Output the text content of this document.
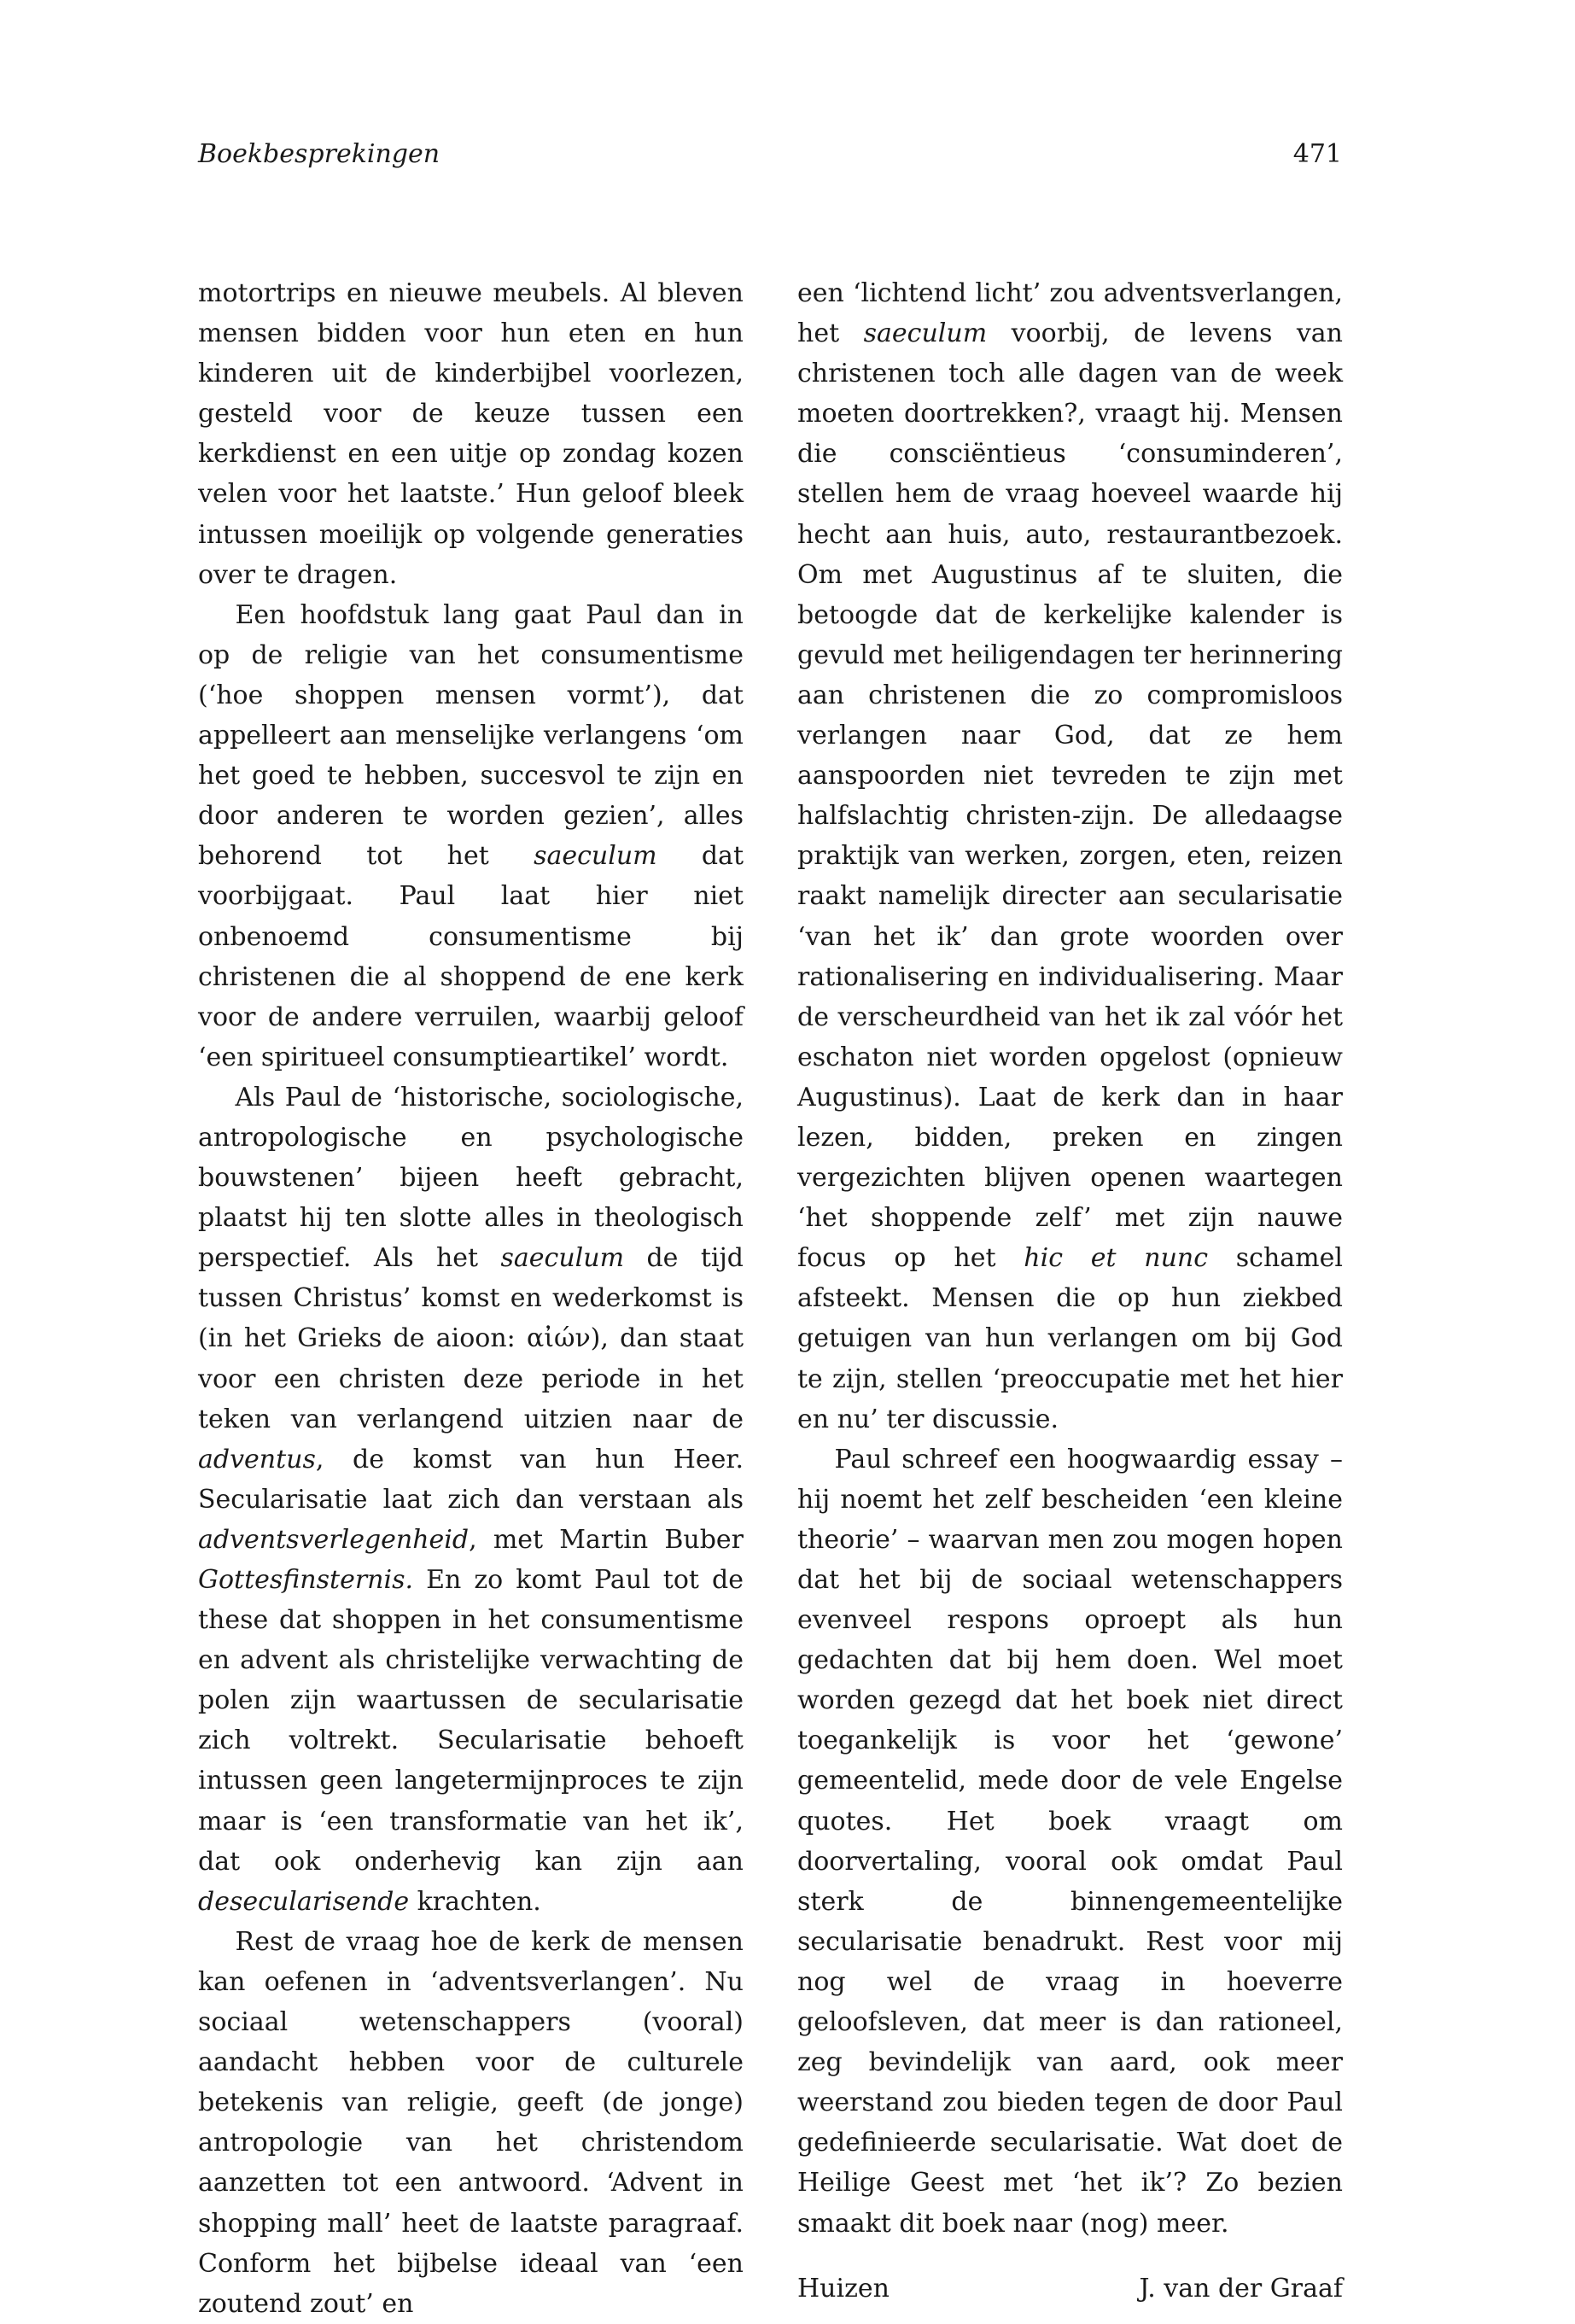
Boekbesprekingen	471

motortrips en nieuwe meubels. Al bleven mensen bidden voor hun eten en hun kinderen uit de kinderbijbel voorlezen, gesteld voor de keuze tussen een kerkdienst en een uitje op zondag kozen velen voor het laatste.’ Hun geloof bleek intussen moeilijk op volgende generaties over te dragen.

Een hoofdstuk lang gaat Paul dan in op de religie van het consumentisme (‘hoe shoppen mensen vormt’), dat appelleert aan menselijke verlangens ‘om het goed te hebben, succesvol te zijn en door anderen te worden gezien’, alles behorend tot het saeculum dat voorbijgaat. Paul laat hier niet onbenoemd consumentisme bij christenen die al shoppend de ene kerk voor de andere verruilen, waarbij geloof ‘een spiritueel consumptieartikel’ wordt.

Als Paul de ‘historische, sociologische, antropologische en psychologische bouwstenen’ bijeen heeft gebracht, plaatst hij ten slotte alles in theologisch perspectief. Als het saeculum de tijd tussen Christus’ komst en wederkomst is (in het Grieks de aioon: αἰών), dan staat voor een christen deze periode in het teken van verlangend uitzien naar de adventus, de komst van hun Heer. Secularisatie laat zich dan verstaan als adventsverlegenheid, met Martin Buber Gottesfinsternis. En zo komt Paul tot de these dat shoppen in het consumentisme en advent als christelijke verwachting de polen zijn waartussen de secularisatie zich voltrekt. Secularisatie behoeft intussen geen langetermijnproces te zijn maar is ‘een transformatie van het ik’, dat ook onderhevig kan zijn aan desecularisende krachten.

Rest de vraag hoe de kerk de mensen kan oefenen in ‘adventsverlangen’. Nu sociaal wetenschappers (vooral) aandacht hebben voor de culturele betekenis van religie, geeft (de jonge) antropologie van het christendom aanzetten tot een antwoord. ‘Advent in shopping mall’ heet de laatste paragraaf. Conform het bijbelse ideaal van ‘een zoutend zout’ en

een ‘lichtend licht’ zou adventsverlangen, het saeculum voorbij, de levens van christenen toch alle dagen van de week moeten doortrekken?, vraagt hij. Mensen die consciëntieus ‘consuminderen’, stellen hem de vraag hoeveel waarde hij hecht aan huis, auto, restaurantbezoek. Om met Augustinus af te sluiten, die betoogde dat de kerkelijke kalender is gevuld met heiligendagen ter herinnering aan christenen die zo compromisloos verlangen naar God, dat ze hem aanspoorden niet tevreden te zijn met halfslachtig christen-zijn. De alledaagse praktijk van werken, zorgen, eten, reizen raakt namelijk directer aan secularisatie ‘van het ik’ dan grote woorden over rationalisering en individualisering. Maar de verscheurdheid van het ik zal vóór het eschaton niet worden opgelost (opnieuw Augustinus). Laat de kerk dan in haar lezen, bidden, preken en zingen vergezichten blijven openen waartegen ‘het shoppende zelf’ met zijn nauwe focus op het hic et nunc schamel afsteekt. Mensen die op hun ziekbed getuigen van hun verlangen om bij God te zijn, stellen ‘preoccupatie met het hier en nu’ ter discussie.

Paul schreef een hoogwaardig essay – hij noemt het zelf bescheiden ‘een kleine theorie’ – waarvan men zou mogen hopen dat het bij de sociaal wetenschappers evenveel respons oproept als hun gedachten dat bij hem doen. Wel moet worden gezegd dat het boek niet direct toegankelijk is voor het ‘gewone’ gemeentelid, mede door de vele Engelse quotes. Het boek vraagt om doorvertaling, vooral ook omdat Paul sterk de binnengemeentelijke secularisatie benadrukt. Rest voor mij nog wel de vraag in hoeverre geloofsleven, dat meer is dan rationeel, zeg bevindelijk van aard, ook meer weerstand zou bieden tegen de door Paul gedefinieerde secularisatie. Wat doet de Heilige Geest met ‘het ik’? Zo bezien smaakt dit boek naar (nog) meer.

Huizen	J. van der Graaf
